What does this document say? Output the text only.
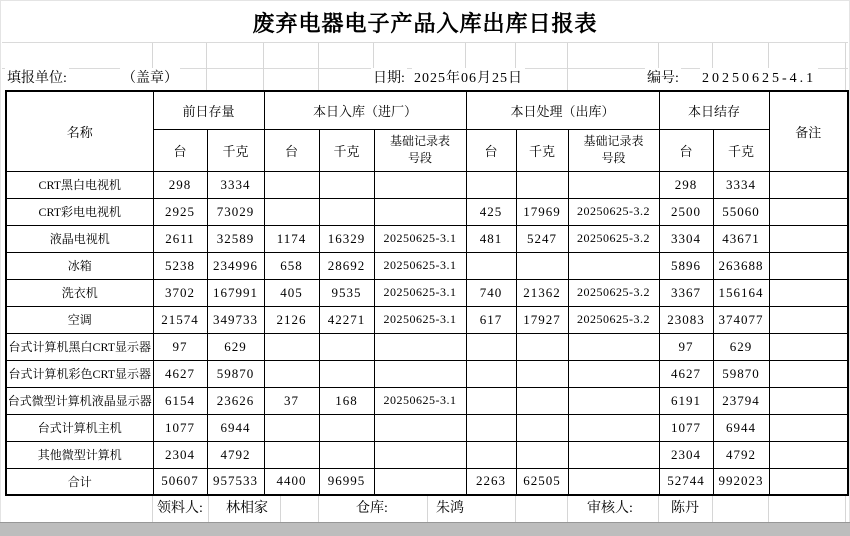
废弃电器电子产品入库出库日报表
填报单位:	（盖章）	日期: 2025年06月25日	编号: 20250625-4.1
名称	前日存量		本日入库（进厂）			本日处理（出库）			本日结存		备注
	台	千克	台	千克	基础记录表号段	台	千克	基础记录表号段	台	千克	
CRT黑白电视机	298	3334							298	3334	
CRT彩电电视机	2925	73029				425	17969	20250625-3.2	2500	55060	
液晶电视机	2611	32589	1174	16329	20250625-3.1	481	5247	20250625-3.2	3304	43671	
冰箱	5238	234996	658	28692	20250625-3.1				5896	263688	
洗衣机	3702	167991	405	9535	20250625-3.1	740	21362	20250625-3.2	3367	156164	
空调	21574	349733	2126	42271	20250625-3.1	617	17927	20250625-3.2	23083	374077	
台式计算机黑白CRT显示器	97	629							97	629	
台式计算机彩色CRT显示器	4627	59870							4627	59870	
台式微型计算机液晶显示器	6154	23626	37	168	20250625-3.1				6191	23794	
台式计算机主机	1077	6944							1077	6944	
其他微型计算机	2304	4792							2304	4792	
合计	50607	957533	4400	96995		2263	62505		52744	992023	
领料人: 林相家	仓库:	朱鸿	审核人:	陈丹
